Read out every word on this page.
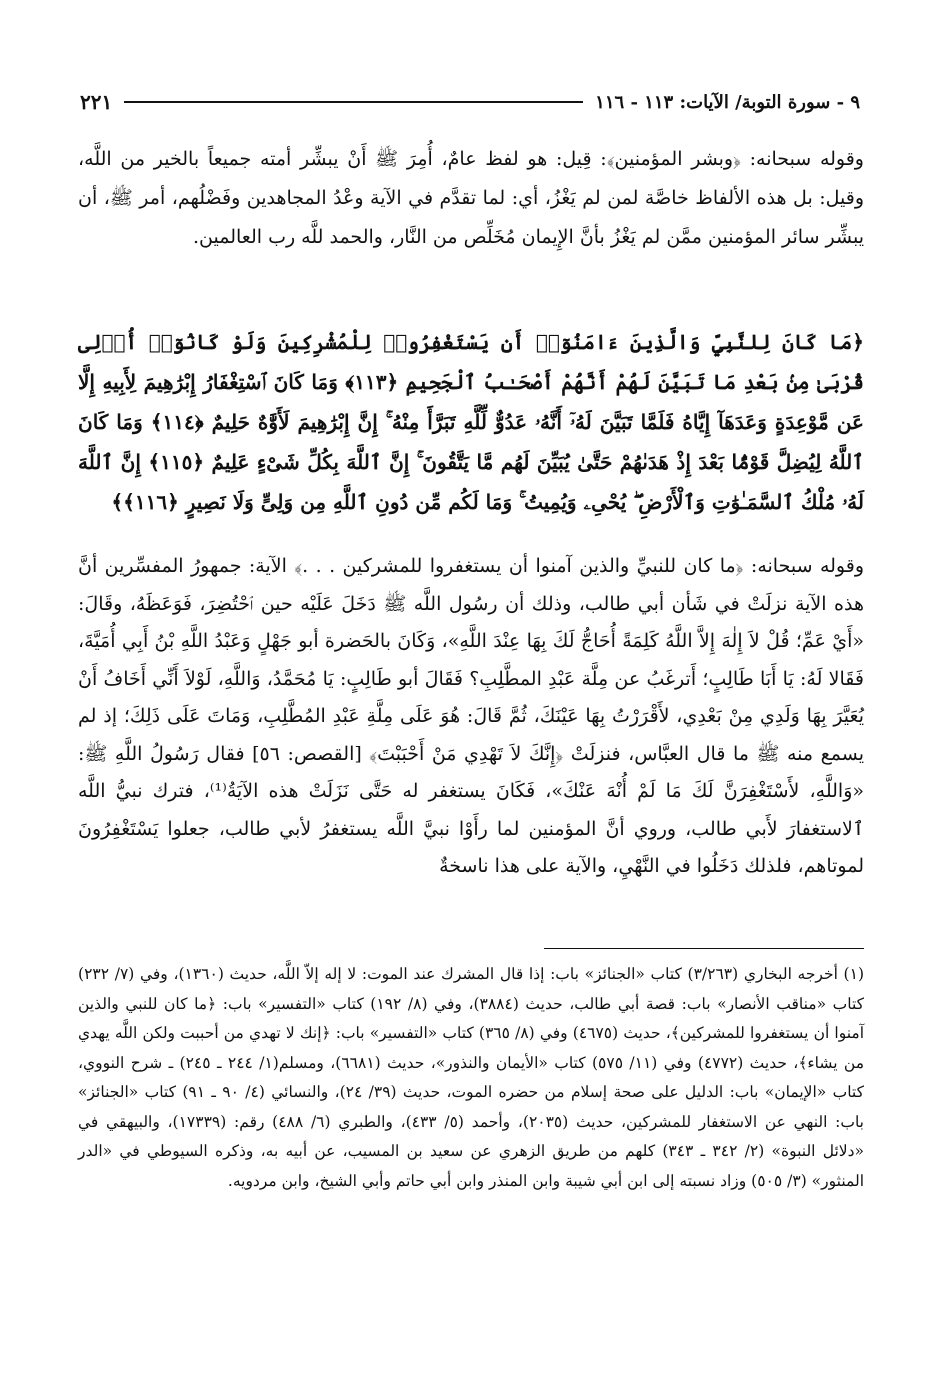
٩ - سورة التوبة/ الآيات: ١١٣ - ١١٦
٢٢١

وقوله سبحانه: ﴿وبشر المؤمنين﴾: قِيل: هو لفظ عامٌ، أُمِرَ ﷺ أَنْ يبشِّر أمته جميعاً بالخير من اللَّه، وقيل: بل هذه الألفاظ خاصَّة لمن لم يَغْزُ، أي: لما تقدَّم في الآية وعْدُ المجاهدين وفَضْلُهم، أمر ﷺ، أن يبشِّر سائر المؤمنين ممَّن لم يَغْزُ بأنَّ الإِيمان مُخَلِّص من النَّار، والحمد للَّه رب العالمين.

﴿مَا كَانَ لِلنَّبِيِّ وَالَّذِينَ ءَامَنُوٓا۟ أَن يَسْتَغْفِرُوا۟ لِلْمُشْرِكِينَ وَلَوْ كَانُوٓا۟ أُو۟لِى قُرْبَىٰ مِنۢ بَعْدِ مَا تَبَيَّنَ لَهُمْ أَنَّهُمْ أَصْحَـٰبُ ٱلْجَحِيمِ ﴿١١٣﴾ وَمَا كَانَ ٱسْتِغْفَارُ إِبْرَٰهِيمَ لِأَبِيهِ إِلَّا عَن مَّوْعِدَةٍ وَعَدَهَآ إِيَّاهُ فَلَمَّا تَبَيَّنَ لَهُۥٓ أَنَّهُۥ عَدُوٌّ لِّلَّهِ تَبَرَّأَ مِنْهُ ۚ إِنَّ إِبْرَٰهِيمَ لَأَوَّٰهٌ حَلِيمٌ ﴿١١٤﴾ وَمَا كَانَ ٱللَّهُ لِيُضِلَّ قَوْمًۢا بَعْدَ إِذْ هَدَىٰهُمْ حَتَّىٰ يُبَيِّنَ لَهُم مَّا يَتَّقُونَ ۚ إِنَّ ٱللَّهَ بِكُلِّ شَىْءٍ عَلِيمٌ ﴿١١٥﴾ إِنَّ ٱللَّهَ لَهُۥ مُلْكُ ٱلسَّمَـٰوَٰتِ وَٱلْأَرْضِ ۖ يُحْىِۦ وَيُمِيتُ ۚ وَمَا لَكُم مِّن دُونِ ٱللَّهِ مِن وَلِىٍّ وَلَا نَصِيرٍ ﴿١١٦﴾﴾

وقوله سبحانه: ﴿ما كان للنبيِّ والذين آمنوا أن يستغفروا للمشركين . . .﴾ الآية: جمهورُ المفسِّرين أنَّ هذه الآية نزلَتْ في شَأن أبي طالب، وذلك أن رسُول اللَّه ﷺ دَخَلَ عَلَيْه حين ٱحْتُضِرَ، فَوَعَظَهُ، وقَالَ: «أَيْ عَمِّ؛ قُلْ لاَ إِلٰهَ إِلاَّ اللَّهُ كَلِمَةً أُحَاجُّ لَكَ بِهَا عِنْدَ اللَّهِ»، وَكَانَ بالحَضرة أبو جَهْلٍ وَعَبْدُ اللَّهِ بْنُ أَبِي أُمَيَّةَ، فَقَالا لَهُ: يَا أَبَا طَالِبٍ؛ أَترغَبُ عن مِلَّة عَبْدِ المطَّلِبِ؟ فَقَالَ أبو طَالِبٍ: يَا مُحَمَّدُ، وَاللَّهِ، لَوْلاَ أَنِّي أَخَافُ أَنْ يُعَيَّرَ بِهَا وَلَدِي مِنْ بَعْدِي، لأَقْرَرْتُ بِهَا عَيْنَكَ، ثُمَّ قَالَ: هُوَ عَلَى مِلَّةِ عَبْدِ المُطَّلِبِ، وَمَاتَ عَلَى ذَلِكَ؛ إذ لم يسمع منه ﷺ ما قال العبَّاس، فنزلَتْ ﴿إِنَّكَ لاَ تَهْدِي مَنْ أَحْبَبْتَ﴾ [القصص: ٥٦] فقال رَسُولُ اللَّهِ ﷺ: «وَاللَّهِ، لأَسْتَغْفِرَنَّ لَكَ مَا لَمْ أُنْهَ عَنْكَ»، فَكَانَ يستغفر له حَتَّى نَزَلَتْ هذه الآيَةُ⁽¹⁾، فترك نبيُّ اللَّه ٱلاستغفارَ لأَبي طالب، وروي أنَّ المؤمنين لما رأَوْا نبيَّ اللَّه يستغفرُ لأبي طالب، جعلوا يَسْتَغْفِرُونَ لموتاهم، فلذلك دَخَلُوا في النَّهْيِ، والآية على هذا ناسخةٌ

(١) أخرجه البخاري (٣/٢٦٣) كتاب «الجنائز» باب: إذا قال المشرك عند الموت: لا إله إلاّ اللَّه، حديث (١٣٦٠)، وفي (٧/ ٢٣٢) كتاب «مناقب الأنصار» باب: قصة أبي طالب، حديث (٣٨٨٤)، وفي (٨/ ١٩٢) كتاب «التفسير» باب: ﴿ما كان للنبي والذين آمنوا أن يستغفروا للمشركين﴾، حديث (٤٦٧٥) وفي (٨/ ٣٦٥) كتاب «التفسير» باب: ﴿إنك لا تهدي من أحببت ولكن اللَّه يهدي من يشاء﴾، حديث (٤٧٧٢) وفي (١١/ ٥٧٥) كتاب «الأيمان والنذور»، حديث (٦٦٨١)، ومسلم(١/ ٢٤٤ ـ ٢٤٥) ـ شرح النووي، كتاب «الإيمان» باب: الدليل على صحة إسلام من حضره الموت، حديث (٣٩/ ٢٤)، والنسائي (٤/ ٩٠ ـ ٩١) كتاب «الجنائز» باب: النهي عن الاستغفار للمشركين، حديث (٢٠٣٥)، وأحمد (٥/ ٤٣٣)، والطبري (٦/ ٤٨٨) رقم: (١٧٣٣٩)، والبيهقي في «دلائل النبوة» (٢/ ٣٤٢ ـ ٣٤٣) كلهم من طريق الزهري عن سعيد بن المسيب، عن أبيه به، وذكره السيوطي في «الدر المنثور» (٣/ ٥٠٥) وزاد نسبته إلى ابن أبي شيبة وابن المنذر وابن أبي حاتم وأبي الشيخ، وابن مردويه.
